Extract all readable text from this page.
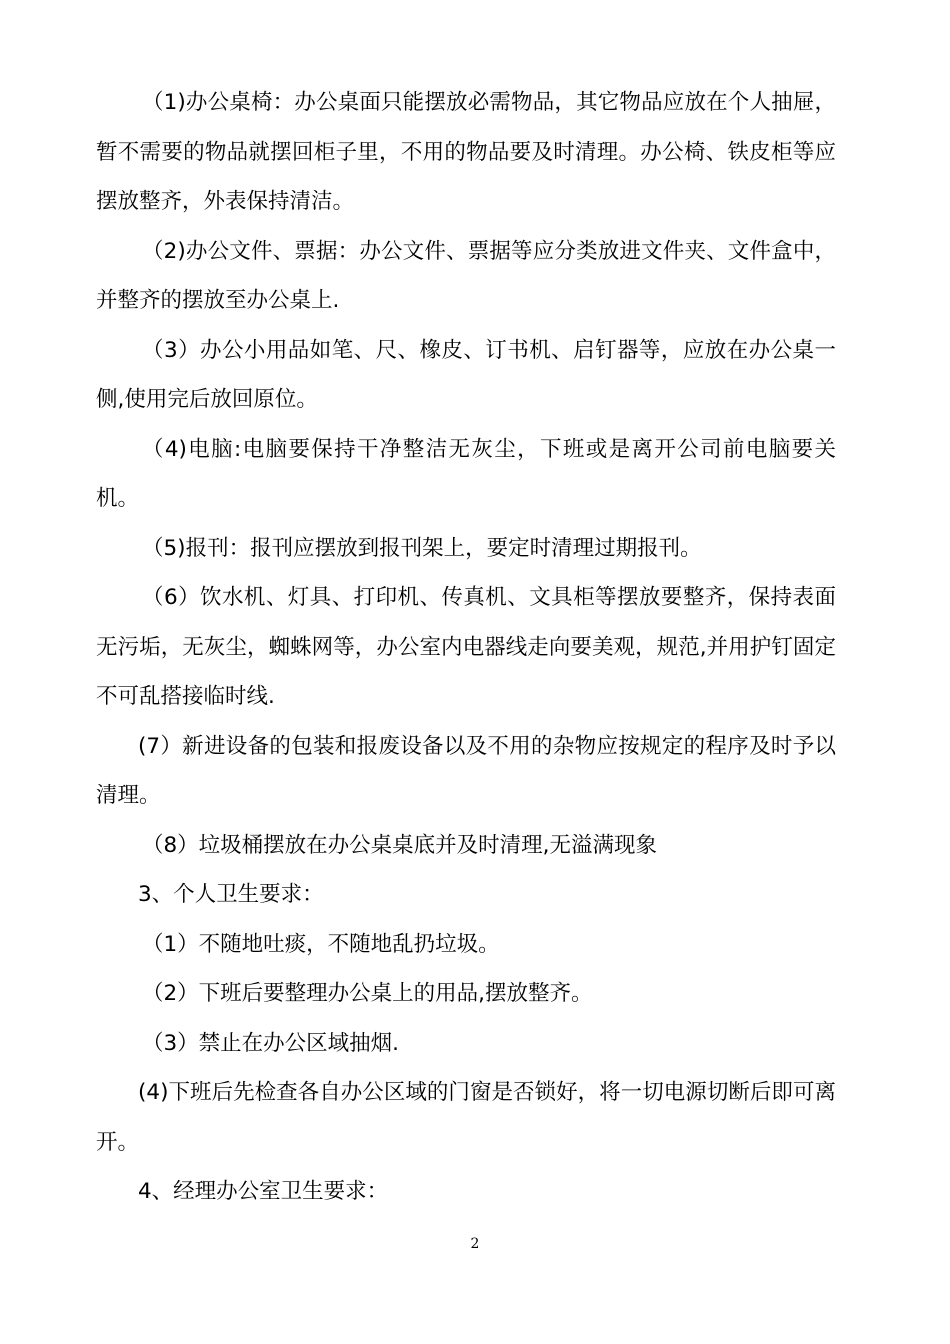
（1)办公桌椅：办公桌面只能摆放必需物品，其它物品应放在个人抽屉，暂不需要的物品就摆回柜子里，不用的物品要及时清理。办公椅、铁皮柜等应摆放整齐，外表保持清洁。

（2)办公文件、票据：办公文件、票据等应分类放进文件夹、文件盒中，并整齐的摆放至办公桌上.

（3）办公小用品如笔、尺、橡皮、订书机、启钉器等，应放在办公桌一侧,使用完后放回原位。

（4)电脑:电脑要保持干净整洁无灰尘，下班或是离开公司前电脑要关机。

（5)报刊：报刊应摆放到报刊架上，要定时清理过期报刊。

（6）饮水机、灯具、打印机、传真机、文具柜等摆放要整齐，保持表面无污垢，无灰尘，蜘蛛网等，办公室内电器线走向要美观，规范,并用护钉固定不可乱搭接临时线.

(7）新进设备的包装和报废设备以及不用的杂物应按规定的程序及时予以清理。

（8）垃圾桶摆放在办公桌桌底并及时清理,无溢满现象

3、个人卫生要求：

（1）不随地吐痰，不随地乱扔垃圾。

（2）下班后要整理办公桌上的用品,摆放整齐。

（3）禁止在办公区域抽烟.

(4)下班后先检查各自办公区域的门窗是否锁好，将一切电源切断后即可离开。

4、经理办公室卫生要求：

2
